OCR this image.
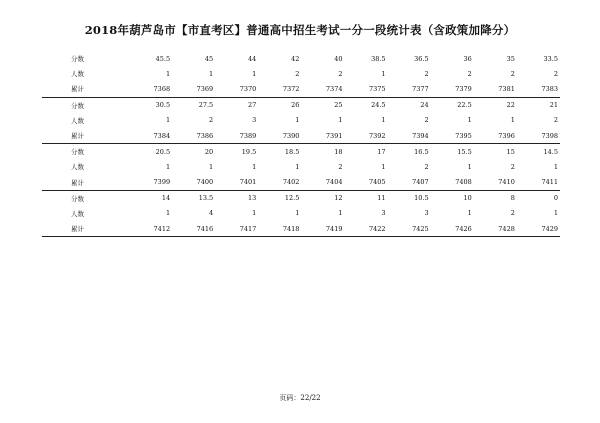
2018年葫芦岛市【市直考区】普通高中招生考试一分一段统计表（含政策加降分）
分数	45.5	45	44	42	40	38.5	36.5	36	35	33.5
人数	1	1	1	2	2	1	2	2	2	2
累计	7368	7369	7370	7372	7374	7375	7377	7379	7381	7383
分数	30.5	27.5	27	26	25	24.5	24	22.5	22	21
人数	1	2	3	1	1	1	2	1	1	2
累计	7384	7386	7389	7390	7391	7392	7394	7395	7396	7398
分数	20.5	20	19.5	18.5	18	17	16.5	15.5	15	14.5
人数	1	1	1	1	2	1	2	1	2	1
累计	7399	7400	7401	7402	7404	7405	7407	7408	7410	7411
分数	14	13.5	13	12.5	12	11	10.5	10	8	0
人数	1	4	1	1	1	3	3	1	2	1
累计	7412	7416	7417	7418	7419	7422	7425	7426	7428	7429
页码：22/22
